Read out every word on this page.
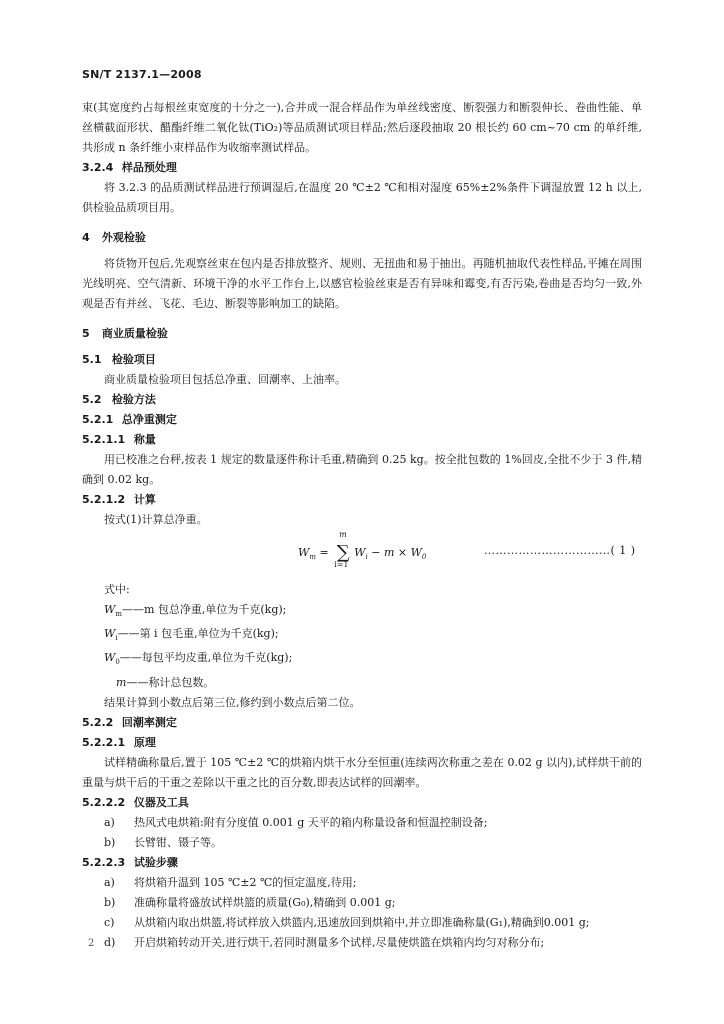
SN/T 2137.1—2008

束(其宽度约占每根丝束宽度的十分之一),合并成一混合样品作为单丝线密度、断裂强力和断裂伸长、卷曲性能、单丝横截面形状、醋酯纤维二氧化钛(TiO₂)等品质测试项目样品;然后逐段抽取 20 根长约 60 cm~70 cm 的单纤维,共形成 n 条纤维小束样品作为收缩率测试样品。

3.2.4 样品预处理

将 3.2.3 的品质测试样品进行预调湿后,在温度 20 ℃±2 ℃和相对湿度 65%±2%条件下调湿放置 12 h 以上,供检验品质项目用。

4 外观检验

将货物开包后,先观察丝束在包内是否排放整齐、规则、无扭曲和易于抽出。再随机抽取代表性样品,平摊在周围光线明亮、空气清新、环境干净的水平工作台上,以感官检验丝束是否有异味和霉变,有否污染,卷曲是否均匀一致,外观是否有并丝、飞花、毛边、断裂等影响加工的缺陷。

5 商业质量检验
5.1 检验项目

商业质量检验项目包括总净重、回潮率、上油率。

5.2 检验方法
5.2.1 总净重测定
5.2.1.1 称量

用已校准之台秤,按表 1 规定的数量逐件称计毛重,精确到 0.25 kg。按全批包数的 1%回皮,全批不少于 3 件,精确到 0.02 kg。

5.2.1.2 计算

按式(1)计算总净重。

$W_m$ =
m
∑
i=1
$W_i - m \times W_0$
……………………………( 1 )

式中:

$W_m——m$ 包总净重,单位为千克(kg);

$W_i——$第 i 包毛重,单位为千克(kg);

$W_0——$每包平均皮重,单位为千克(kg);

m——称计总包数。

结果计算到小数点后第三位,修约到小数点后第二位。

5.2.2 回潮率测定
5.2.2.1 原理

试样精确称量后,置于 105 ℃±2 ℃的烘箱内烘干水分至恒重(连续两次称重之差在 0.02 g 以内),试样烘干前的重量与烘干后的干重之差除以干重之比的百分数,即表达试样的回潮率。

5.2.2.2 仪器及工具

a) 热风式电烘箱:附有分度值 0.001 g 天平的箱内称量设备和恒温控制设备;

b) 长臂钳、镊子等。

5.2.2.3 试验步骤

a) 将烘箱升温到 105 ℃±2 ℃的恒定温度,待用;

b) 准确称量将盛放试样烘篮的质量(G₀),精确到 0.001 g;

c) 从烘箱内取出烘篮,将试样放入烘篮内,迅速放回到烘箱中,并立即准确称量(G₁),精确到0.001 g;

d) 开启烘箱转动开关,进行烘干,若同时测量多个试样,尽量使烘篮在烘箱内均匀对称分布;

2
